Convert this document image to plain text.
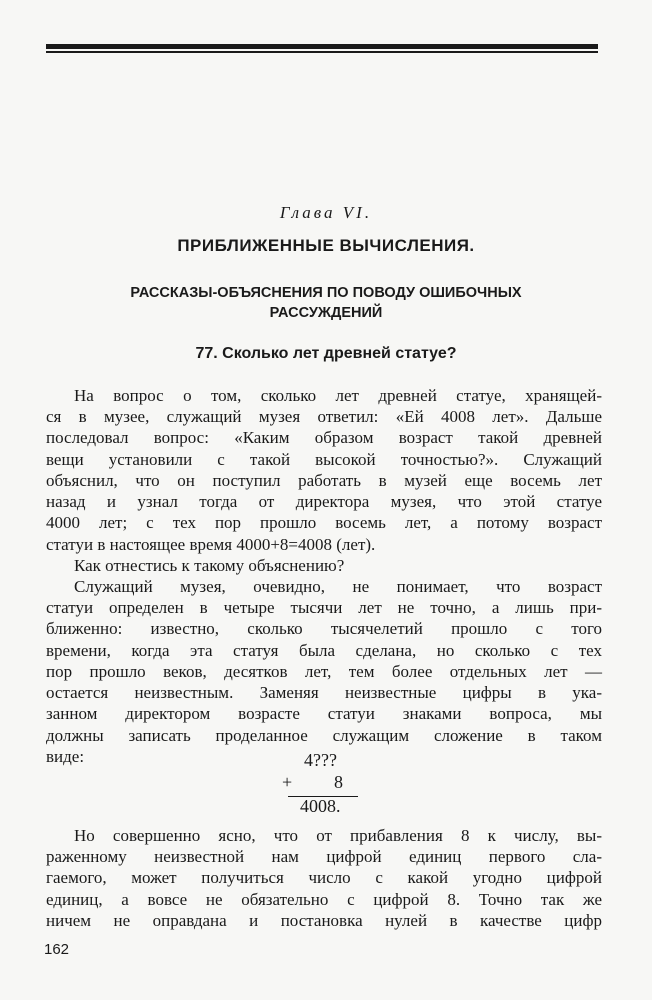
Глава VI.
ПРИБЛИЖЕННЫЕ ВЫЧИСЛЕНИЯ.
РАССКАЗЫ-ОБЪЯСНЕНИЯ ПО ПОВОДУ ОШИБОЧНЫХ
РАССУЖДЕНИЙ
77. Сколько лет древней статуе?
На вопрос о том, сколько лет древней статуе, хранящей-
ся в музее, служащий музея ответил: «Ей 4008 лет». Дальше
последовал вопрос: «Каким образом возраст такой древней
вещи установили с такой высокой точностью?». Служащий
объяснил, что он поступил работать в музей еще восемь лет
назад и узнал тогда от директора музея, что этой статуе
4000 лет; с тех пор прошло восемь лет, а потому возраст
статуи в настоящее время 4000+8=4008 (лет).
Как отнестись к такому объяснению?
Служащий музея, очевидно, не понимает, что возраст
статуи определен в четыре тысячи лет не точно, а лишь при-
ближенно: известно, сколько тысячелетий прошло с того
времени, когда эта статуя была сделана, но сколько с тех
пор прошло веков, десятков лет, тем более отдельных лет —
остается неизвестным. Заменяя неизвестные цифры в ука-
занном директором возрасте статуи знаками вопроса, мы
должны записать проделанное служащим сложение в таком
виде:	4???
+ 8
4008.
Но совершенно ясно, что от прибавления 8 к числу, вы-
раженному неизвестной нам цифрой единиц первого сла-
гаемого, может получиться число с какой угодно цифрой
единиц, а вовсе не обязательно с цифрой 8. Точно так же
ничем не оправдана и постановка нулей в качестве цифр
162
